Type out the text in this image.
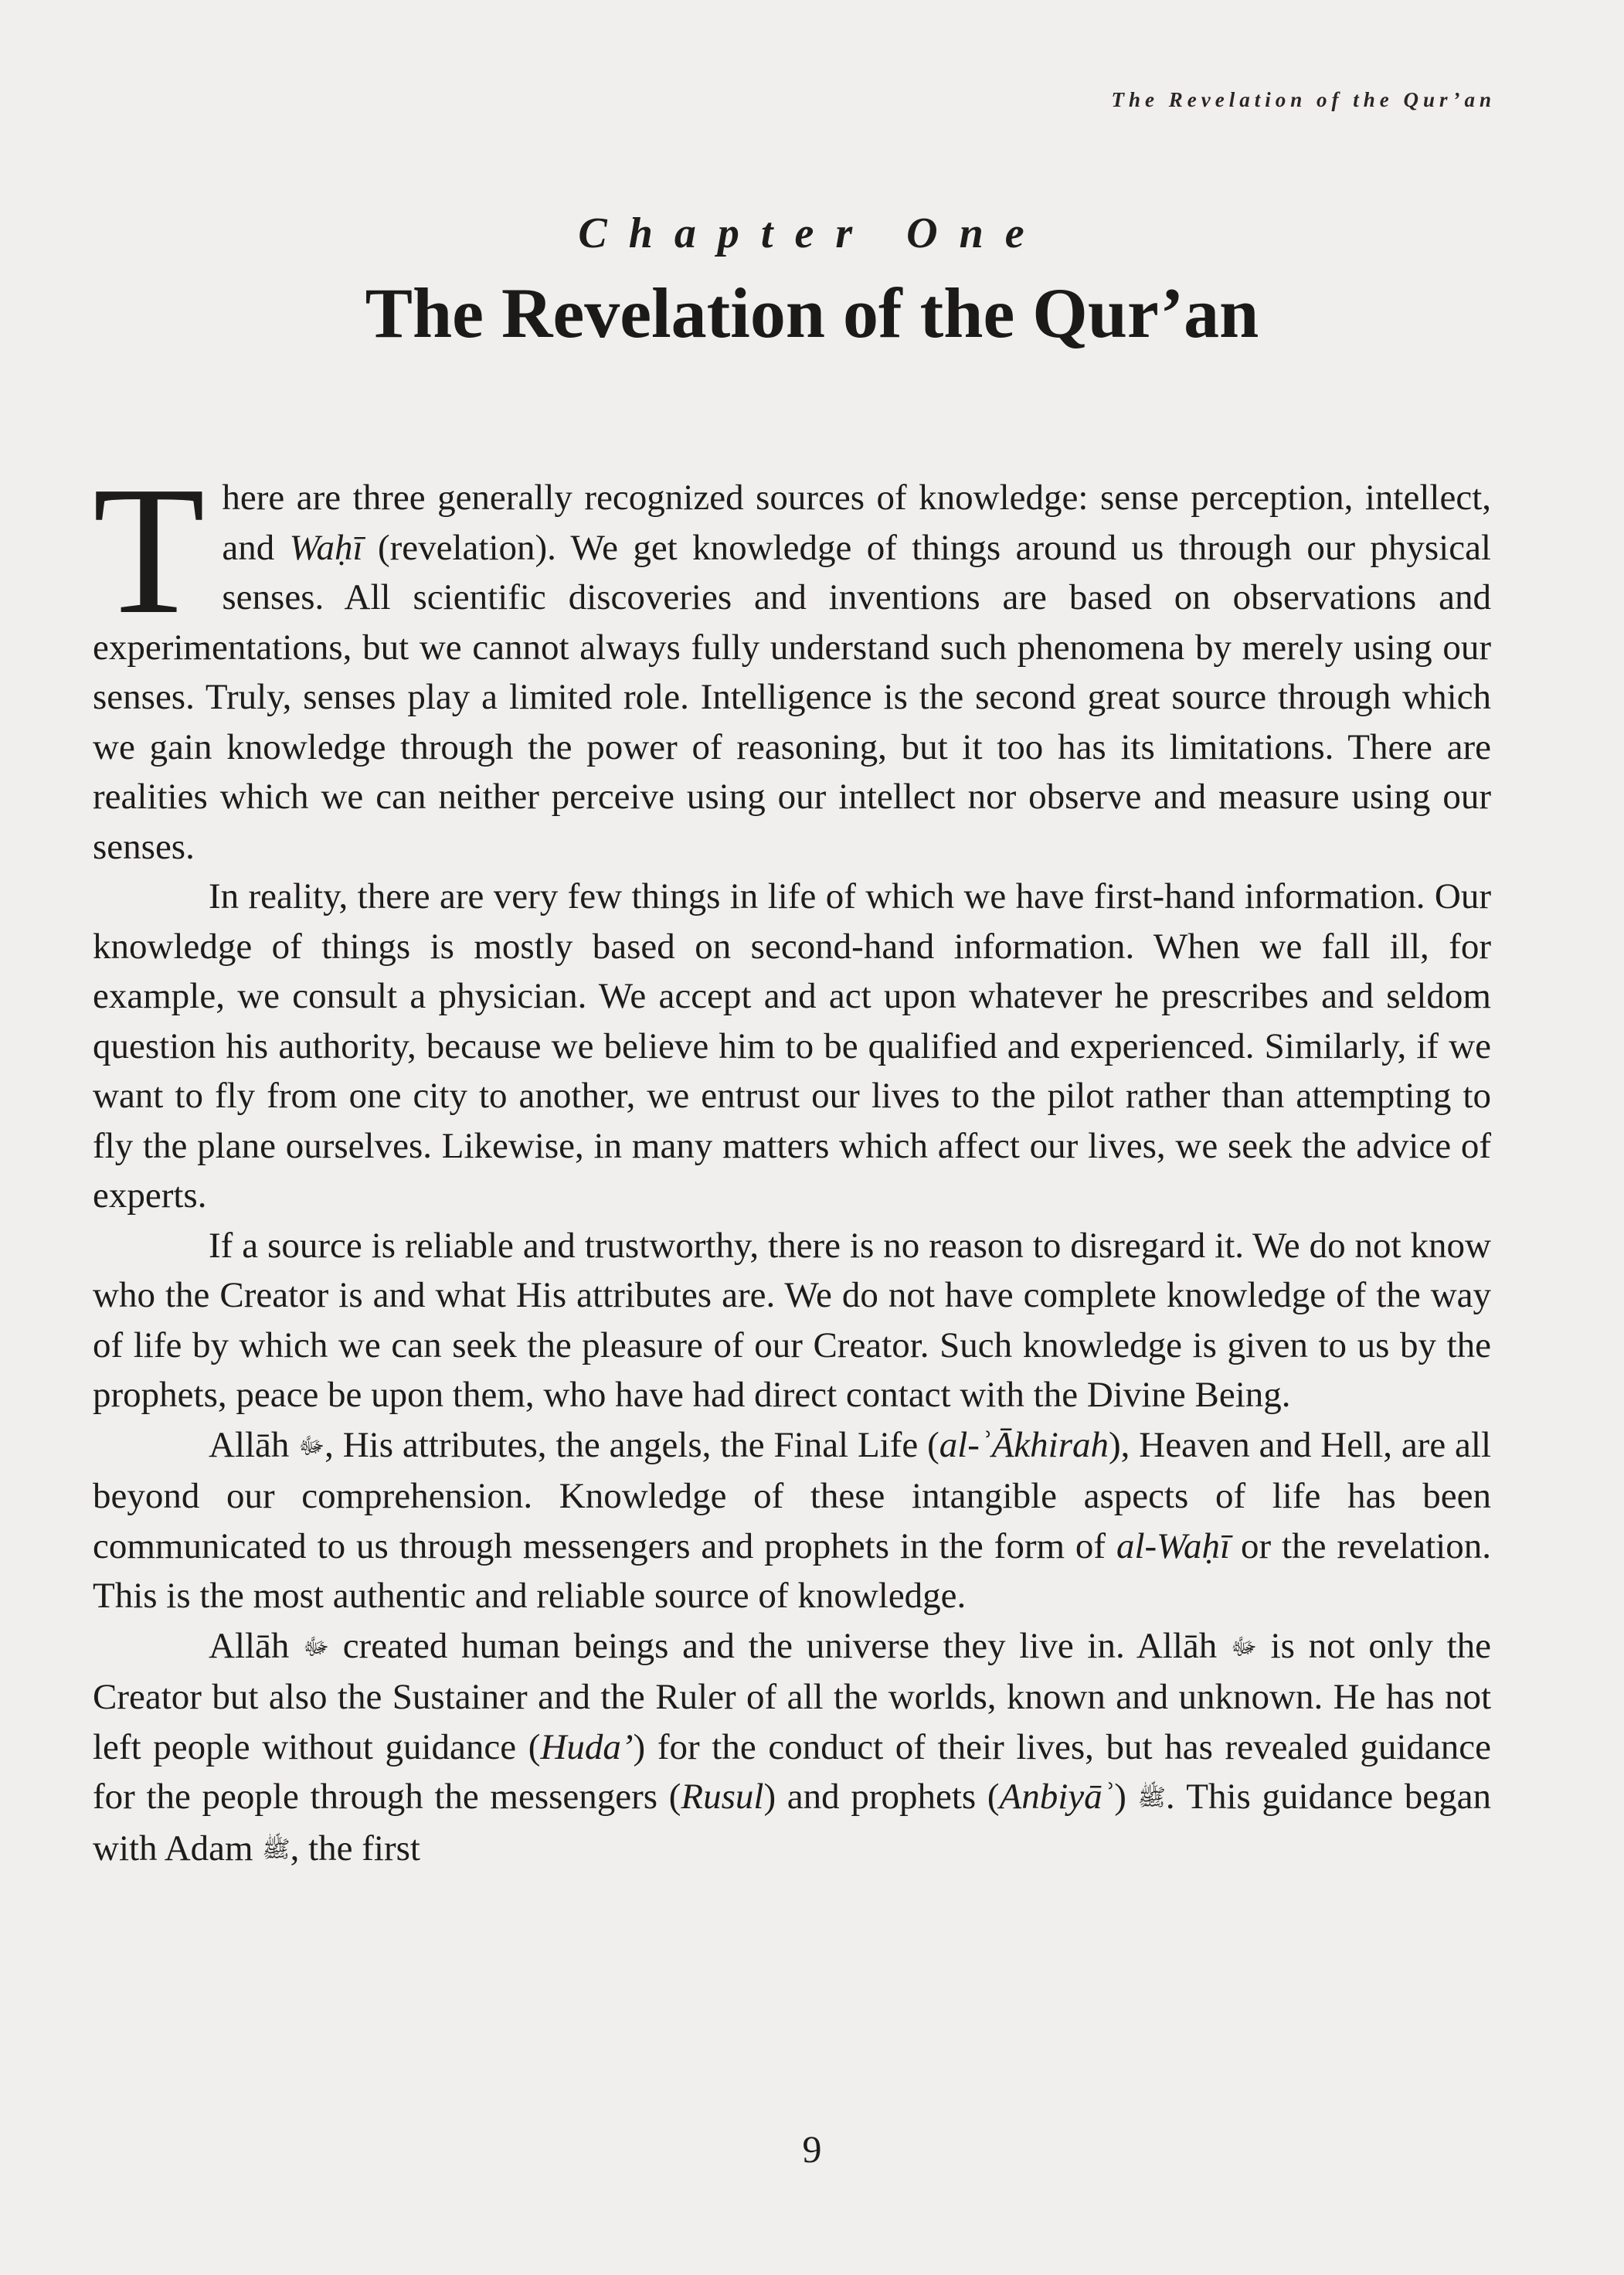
The Revelation of the Qur’an
Chapter One
The Revelation of the Qur’an

There are three generally recognized sources of knowledge: sense perception, intellect, and Waḥī (revelation). We get knowledge of things around us through our physical senses. All scientific discoveries and inventions are based on observations and experimentations, but we cannot always fully understand such phenomena by merely using our senses. Truly, senses play a limited role. Intelligence is the second great source through which we gain knowledge through the power of reasoning, but it too has its limitations. There are realities which we can neither perceive using our intellect nor observe and measure using our senses.

In reality, there are very few things in life of which we have first-hand information. Our knowledge of things is mostly based on second-hand information. When we fall ill, for example, we consult a physician. We accept and act upon whatever he prescribes and seldom question his authority, because we believe him to be qualified and experienced. Similarly, if we want to fly from one city to another, we entrust our lives to the pilot rather than attempting to fly the plane ourselves. Likewise, in many matters which affect our lives, we seek the advice of experts.

If a source is reliable and trustworthy, there is no reason to disregard it. We do not know who the Creator is and what His attributes are. We do not have complete knowledge of the way of life by which we can seek the pleasure of our Creator. Such knowledge is given to us by the prophets, peace be upon them, who have had direct contact with the Divine Being.

Allāh ﷻ, His attributes, the angels, the Final Life (al-ʾĀkhirah), Heaven and Hell, are all beyond our comprehension. Knowledge of these intangible aspects of life has been communicated to us through messengers and prophets in the form of al-Waḥī or the revelation. This is the most authentic and reliable source of knowledge.

Allāh ﷻ created human beings and the universe they live in. Allāh ﷻ is not only the Creator but also the Sustainer and the Ruler of all the worlds, known and unknown. He has not left people without guidance (Huda’) for the conduct of their lives, but has revealed guidance for the people through the messengers (Rusul) and prophets (Anbiyāʾ) ﷺ. This guidance began with Adam ﷺ, the first

9
